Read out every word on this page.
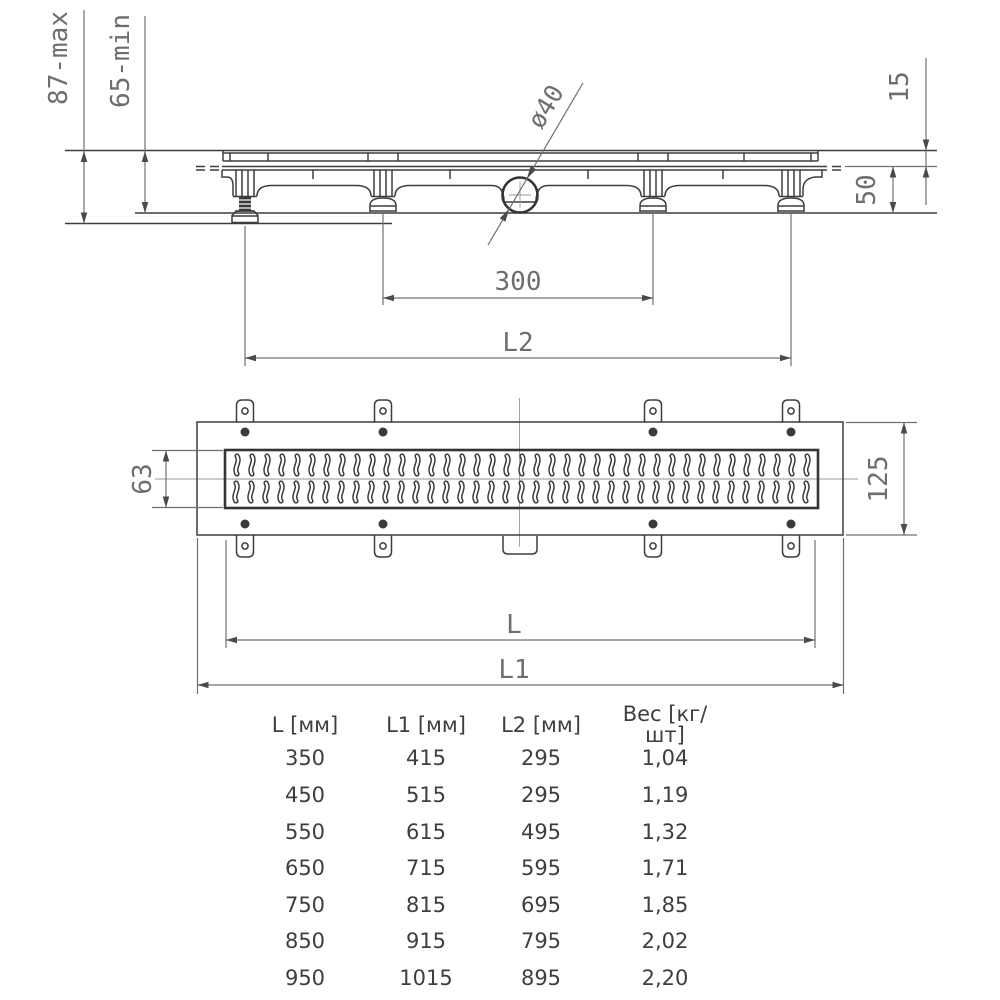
ø40
87-max 65-min	15
50
300
L2
63	125
L
L1
L [мм]	L1 [мм]	L2 [мм]	Вес [кг/шт]
350	415	295	1,04
450	515	295	1,19
550	615	495	1,32
650	715	595	1,71
750	815	695	1,85
850	915	795	2,02
950	1015	895	2,20
